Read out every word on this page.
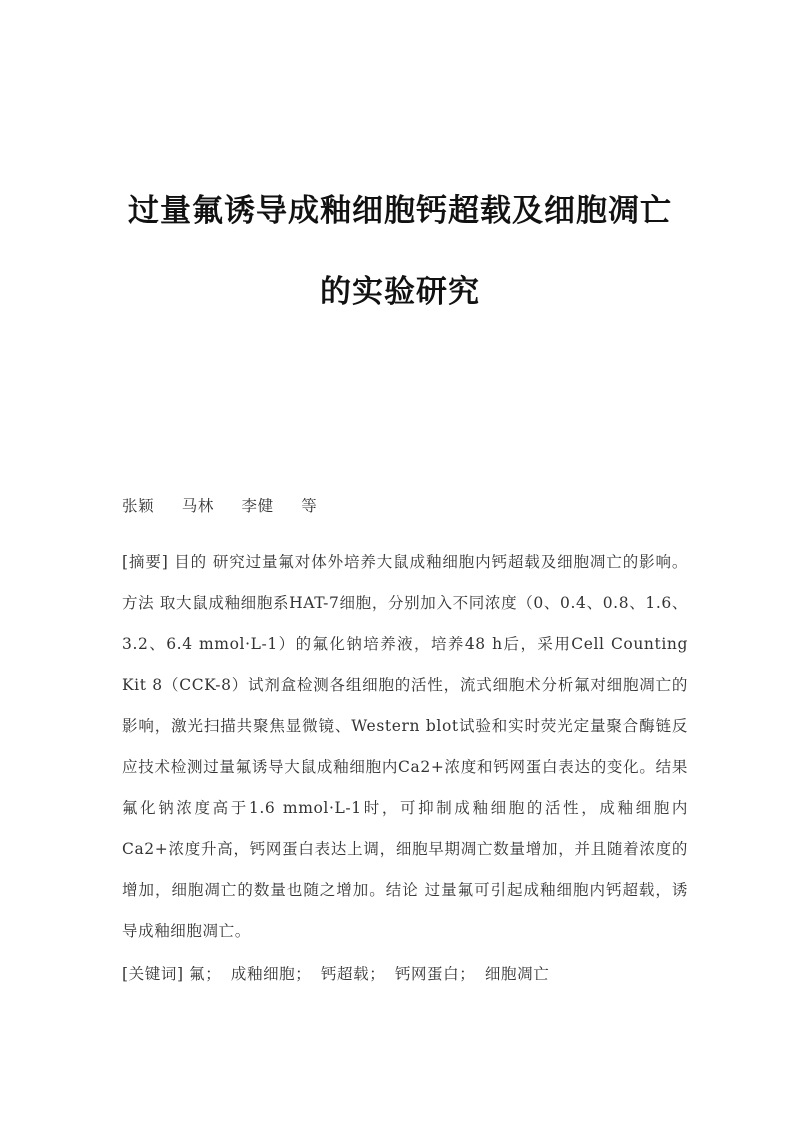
过量氟诱导成釉细胞钙超载及细胞凋亡
的实验研究
张颖 马林 李健 等

[摘要] 目的 研究过量氟对体外培养大鼠成釉细胞内钙超载及细胞凋亡的影响。方法 取大鼠成釉细胞系HAT-7细胞，分别加入不同浓度（0、0.4、0.8、1.6、3.2、6.4 mmol·L-1）的氟化钠培养液，培养48 h后，采用Cell Counting Kit 8（CCK-8）试剂盒检测各组细胞的活性，流式细胞术分析氟对细胞凋亡的影响，激光扫描共聚焦显微镜、Western blot试验和实时荧光定量聚合酶链反应技术检测过量氟诱导大鼠成釉细胞内Ca2+浓度和钙网蛋白表达的变化。结果 氟化钠浓度高于1.6 mmol·L-1时，可抑制成釉细胞的活性，成釉细胞内Ca2+浓度升高，钙网蛋白表达上调，细胞早期凋亡数量增加，并且随着浓度的增加，细胞凋亡的数量也随之增加。结论 过量氟可引起成釉细胞内钙超载，诱导成釉细胞凋亡。

[关键词] 氟； 成釉细胞； 钙超载； 钙网蛋白； 细胞凋亡
